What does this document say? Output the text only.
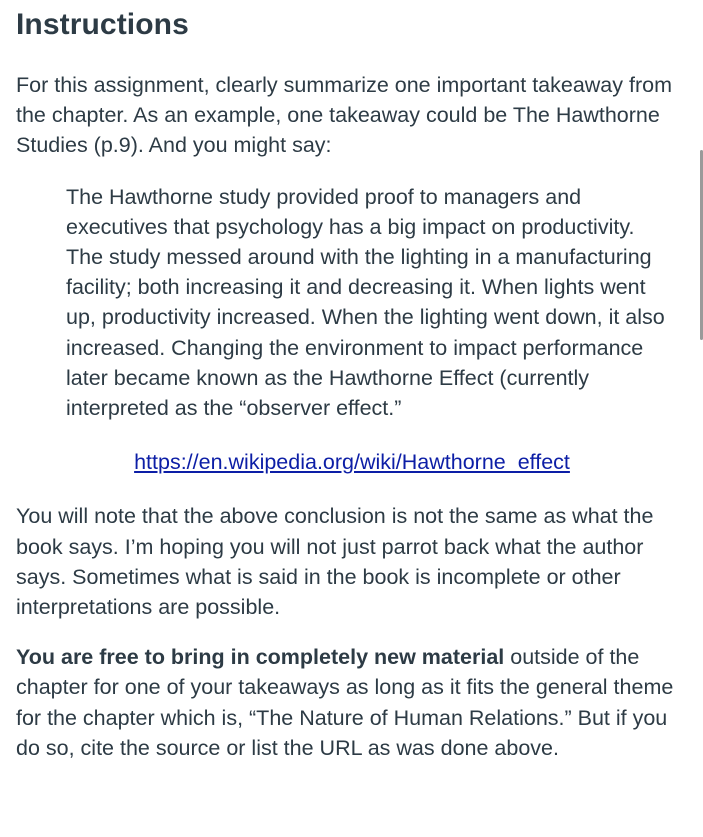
Instructions

For this assignment, clearly summarize one important takeaway from the chapter. As an example, one takeaway could be The Hawthorne Studies (p.9). And you might say:

The Hawthorne study provided proof to managers and executives that psychology has a big impact on productivity. The study messed around with the lighting in a manufacturing facility; both increasing it and decreasing it. When lights went up, productivity increased. When the lighting went down, it also increased. Changing the environment to impact performance later became known as the Hawthorne Effect (currently interpreted as the “observer effect.”
https://en.wikipedia.org/wiki/Hawthorne_effect

You will note that the above conclusion is not the same as what the book says. I’m hoping you will not just parrot back what the author says. Sometimes what is said in the book is incomplete or other interpretations are possible.

You are free to bring in completely new material outside of the chapter for one of your takeaways as long as it fits the general theme for the chapter which is, “The Nature of Human Relations.” But if you do so, cite the source or list the URL as was done above.
